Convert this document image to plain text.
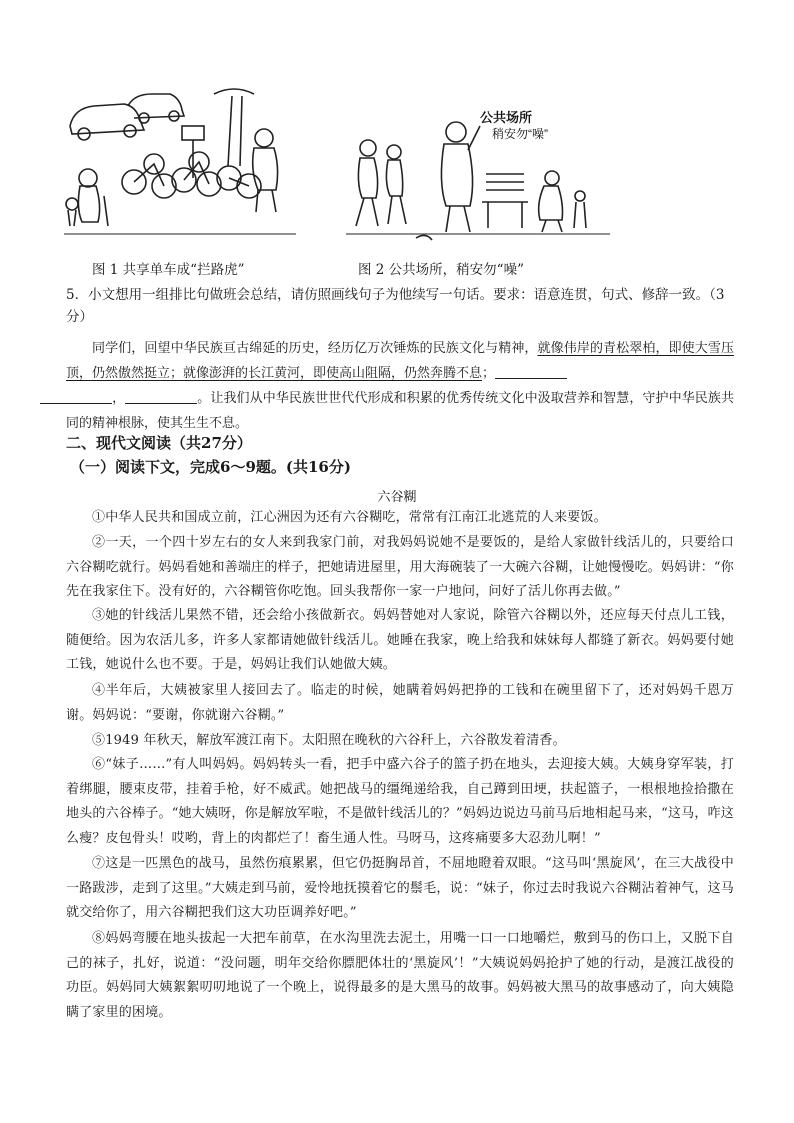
公共场所
稍安勿“噪”
图 1 共享单车成“拦路虎”	图 2 公共场所，稍安勿“噪”
5．小文想用一组排比句做班会总结，请仿照画线句子为他续写一句话。要求：语意连贯，句式、修辞一致。（3分）
同学们，回望中华民族亘古绵延的历史，经历亿万次锤炼的民族文化与精神，就像伟岸的青松翠柏，即使大雪压顶，仍然傲然挺立；就像澎湃的长江黄河，即使高山阻隔，仍然奔腾不息；
，	。让我们从中华民族世世代代形成和积累的优秀传统文化中汲取营养和智慧，守护中华民族共同的精神根脉，使其生生不息。
二、现代文阅读（共27分）
（一）阅读下文，完成6～9题。(共16分)
六谷糊
①中华人民共和国成立前，江心洲因为还有六谷糊吃，常常有江南江北逃荒的人来要饭。
②一天，一个四十岁左右的女人来到我家门前，对我妈妈说她不是要饭的，是给人家做针线活儿的，只要给口六谷糊吃就行。妈妈看她和善端庄的样子，把她请进屋里，用大海碗装了一大碗六谷糊，让她慢慢吃。妈妈讲：“你先在我家住下。没有好的，六谷糊管你吃饱。回头我帮你一家一户地问，问好了活儿你再去做。”
③她的针线活儿果然不错，还会给小孩做新衣。妈妈替她对人家说，除管六谷糊以外，还应每天付点儿工钱，随便给。因为农活儿多，许多人家都请她做针线活儿。她睡在我家，晚上给我和妹妹每人都缝了新衣。妈妈要付她工钱，她说什么也不要。于是，妈妈让我们认她做大姨。
④半年后，大姨被家里人接回去了。临走的时候，她瞒着妈妈把挣的工钱和在碗里留下了，还对妈妈千恩万谢。妈妈说：“要谢，你就谢六谷糊。”
⑤1949 年秋天，解放军渡江南下。太阳照在晚秋的六谷秆上，六谷散发着清香。
⑥“妹子……”有人叫妈妈。妈妈转头一看，把手中盛六谷子的篮子扔在地头，去迎接大姨。大姨身穿军装，打着绑腿，腰束皮带，挂着手枪，好不威武。她把战马的缰绳递给我，自己蹲到田埂，扶起篮子，一根根地捡拾撒在地头的六谷棒子。“她大姨呀，你是解放军啦，不是做针线活儿的？”妈妈边说边马前马后地相起马来，“这马，咋这么瘦？皮包骨头！哎哟，背上的肉都烂了！畜生通人性。马呀马，这疼痛要多大忍劲儿啊！”
⑦这是一匹黑色的战马，虽然伤痕累累，但它仍挺胸昂首，不屈地瞪着双眼。“这马叫‘黑旋风’，在三大战役中一路跋涉，走到了这里。”大姨走到马前，爱怜地抚摸着它的鬃毛，说：“妹子，你过去时我说六谷糊沾着神气，这马就交给你了，用六谷糊把我们这大功臣调养好吧。”
⑧妈妈弯腰在地头拔起一大把车前草，在水沟里洗去泥土，用嘴一口一口地嚼烂，敷到马的伤口上，又脱下自己的袜子，扎好，说道：“没问题，明年交给你膘肥体壮的‘黑旋风’！”大姨说妈妈抢护了她的行动，是渡江战役的功臣。妈妈同大姨絮絮叨叨地说了一个晚上，说得最多的是大黑马的故事。妈妈被大黑马的故事感动了，向大姨隐瞒了家里的困境。
